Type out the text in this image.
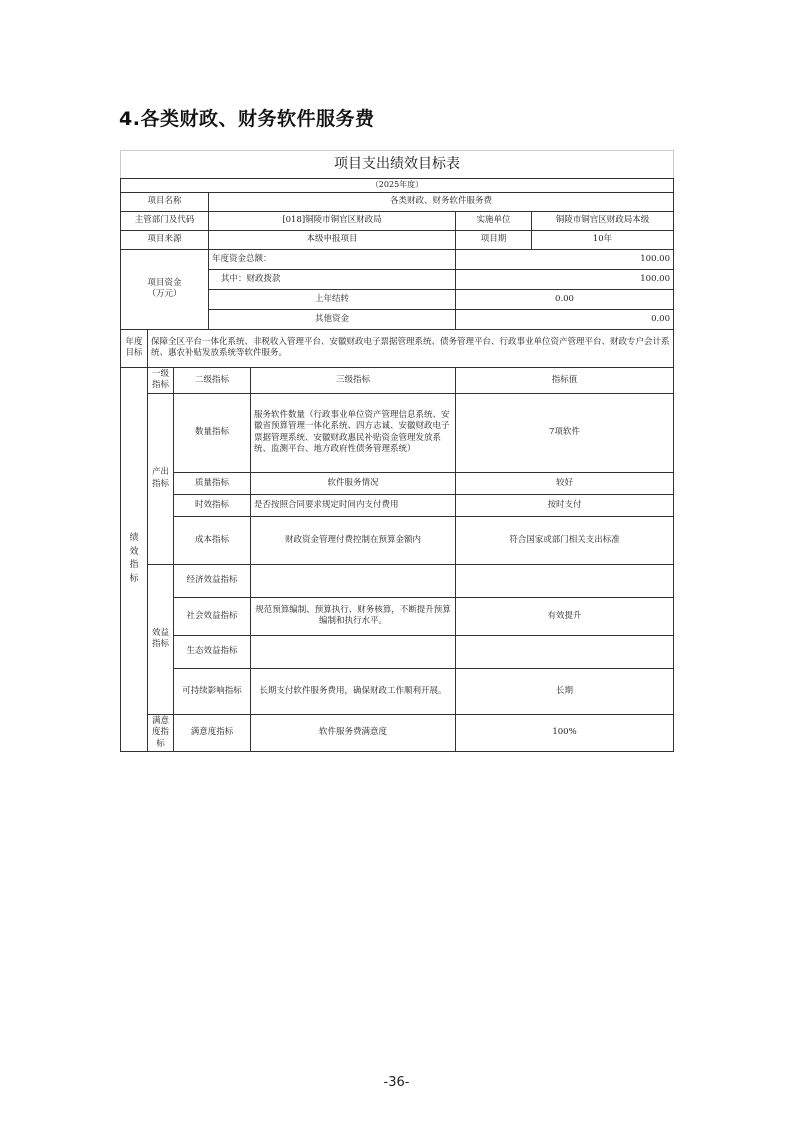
4.各类财政、财务软件服务费
项目支出绩效目标表						
（2025年度）						
项目名称			各类财政、财务软件服务费			
主管部门及代码			[018]铜陵市铜官区财政局		实施单位	铜陵市铜官区财政局本级
项目来源			本级申报项目		项目期	10年

项目资金
（万元）			年度资金总额：		100.00	
			其中：财政拨款		100.00	
			上年结转		0.00	
			其他资金		0.00	

年度
目标	保障全区平台一体化系统、非税收入管理平台、安徽财政电子票据管理系统、债务管理平台、行政事业单位资产管理平台、财政专户会计系统、惠农补贴发放系统等软件服务。					

绩
效
指
标	一级指标	二级指标		三级指标	指标值	
	产出指标	数量指标		服务软件数量（行政事业单位资产管理信息系统、安徽省预算管理一体化系统、四方志诚、安徽财政电子票据管理系统、安徽财政惠民补贴资金管理发放系统、监测平台、地方政府性债务管理系统）	7项软件	
		质量指标		软件服务情况	较好	
		时效指标		是否按照合同要求规定时间内支付费用	按时支付	
		成本指标		财政资金管理付费控制在预算金额内	符合国家或部门相关支出标准	
	效益指标	经济效益指标				
		社会效益指标		规范预算编制、预算执行、财务核算，不断提升预算编制和执行水平。	有效提升	
		生态效益指标				
		可持续影响指标		长期支付软件服务费用，确保财政工作顺利开展。	长期	
	满意度指标	满意度指标		软件服务费满意度	100%	
-36-
